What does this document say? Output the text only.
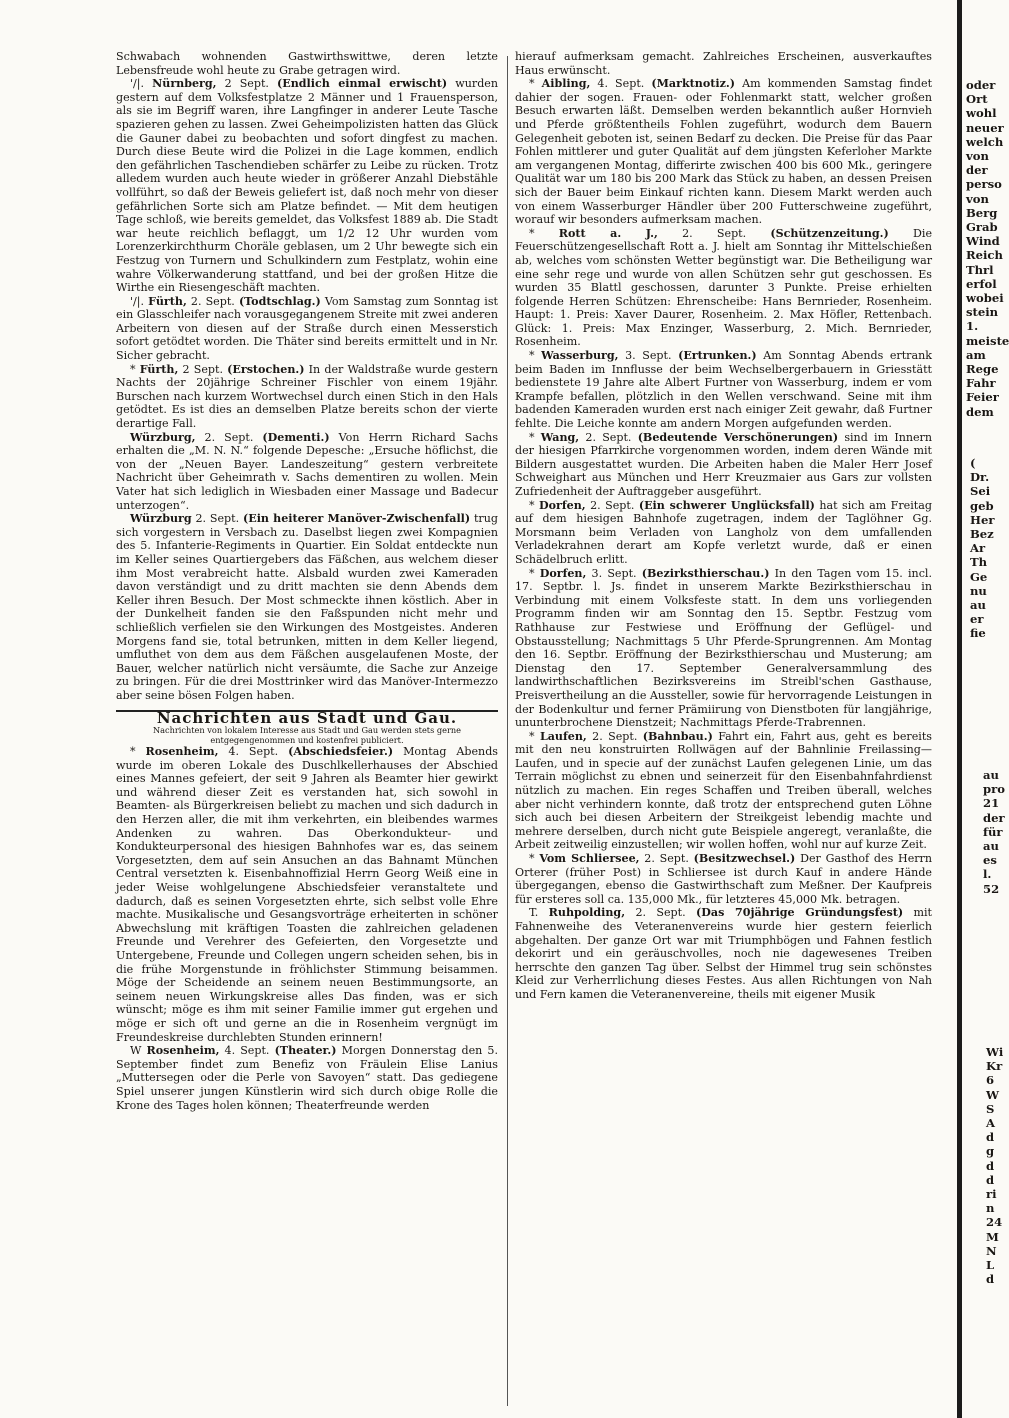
Schwabach wohnenden Gastwirthswittwe, deren letzte Lebensfreude wohl heute zu Grabe getragen wird.

'/|. Nürnberg, 2 Sept. (Endlich einmal erwischt) wurden gestern auf dem Volksfestplatze 2 Männer und 1 Frauensperson, als sie im Begriff waren, ihre Langfinger in anderer Leute Tasche spazieren gehen zu lassen. Zwei Geheimpolizisten hatten das Glück die Gauner dabei zu beobachten und sofort dingfest zu machen. Durch diese Beute wird die Polizei in die Lage kommen, endlich den gefährlichen Taschendieben schärfer zu Leibe zu rücken. Trotz alledem wurden auch heute wieder in größerer Anzahl Diebstähle vollführt, so daß der Beweis geliefert ist, daß noch mehr von dieser gefährlichen Sorte sich am Platze befindet. — Mit dem heutigen Tage schloß, wie bereits gemeldet, das Volksfest 1889 ab. Die Stadt war heute reichlich beflaggt, um 1/2 12 Uhr wurden vom Lorenzerkirchthurm Choräle geblasen, um 2 Uhr bewegte sich ein Festzug von Turnern und Schulkindern zum Festplatz, wohin eine wahre Völkerwanderung stattfand, und bei der großen Hitze die Wirthe ein Riesengeschäft machten.

'/|. Fürth, 2. Sept. (Todtschlag.) Vom Samstag zum Sonntag ist ein Glasschleifer nach vorausgegangenem Streite mit zwei anderen Arbeitern von diesen auf der Straße durch einen Messerstich sofort getödtet worden. Die Thäter sind bereits ermittelt und in Nr. Sicher gebracht.

* Fürth, 2 Sept. (Erstochen.) In der Waldstraße wurde gestern Nachts der 20jährige Schreiner Fischler von einem 19jähr. Burschen nach kurzem Wortwechsel durch einen Stich in den Hals getödtet. Es ist dies an demselben Platze bereits schon der vierte derartige Fall.

Würzburg, 2. Sept. (Dementi.) Von Herrn Richard Sachs erhalten die „M. N. N.“ folgende Depesche: „Ersuche höflichst, die von der „Neuen Bayer. Landeszeitung“ gestern verbreitete Nachricht über Geheimrath v. Sachs dementiren zu wollen. Mein Vater hat sich lediglich in Wiesbaden einer Massage und Badecur unterzogen“.

Würzburg 2. Sept. (Ein heiterer Manöver-Zwischenfall) trug sich vorgestern in Versbach zu. Daselbst liegen zwei Kompagnien des 5. Infanterie-Regiments in Quartier. Ein Soldat entdeckte nun im Keller seines Quartiergebers das Fäßchen, aus welchem dieser ihm Most verabreicht hatte. Alsbald wurden zwei Kameraden davon verständigt und zu dritt machten sie denn Abends dem Keller ihren Besuch. Der Most schmeckte ihnen köstlich. Aber in der Dunkelheit fanden sie den Faßspunden nicht mehr und schließlich verfielen sie den Wirkungen des Mostgeistes. Anderen Morgens fand sie, total betrunken, mitten in dem Keller liegend, umfluthet von dem aus dem Fäßchen ausgelaufenen Moste, der Bauer, welcher natürlich nicht versäumte, die Sache zur Anzeige zu bringen. Für die drei Mosttrinker wird das Manöver-Intermezzo aber seine bösen Folgen haben.

Nachrichten aus Stadt und Gau.

Nachrichten von lokalem Interesse aus Stadt und Gau werden stets gerne entgegengenommen und kostenfrei publiciert.

* Rosenheim, 4. Sept. (Abschiedsfeier.) Montag Abends wurde im oberen Lokale des Duschlkellerhauses der Abschied eines Mannes gefeiert, der seit 9 Jahren als Beamter hier gewirkt und während dieser Zeit es verstanden hat, sich sowohl in Beamten- als Bürgerkreisen beliebt zu machen und sich dadurch in den Herzen aller, die mit ihm verkehrten, ein bleibendes warmes Andenken zu wahren. Das Oberkondukteur- und Kondukteurpersonal des hiesigen Bahnhofes war es, das seinem Vorgesetzten, dem auf sein Ansuchen an das Bahnamt München Central versetzten k. Eisenbahnoffizial Herrn Georg Weiß eine in jeder Weise wohlgelungene Abschiedsfeier veranstaltete und dadurch, daß es seinen Vorgesetzten ehrte, sich selbst volle Ehre machte. Musikalische und Gesangsvorträge erheiterten in schöner Abwechslung mit kräftigen Toasten die zahlreichen geladenen Freunde und Verehrer des Gefeierten, den Vorgesetzte und Untergebene, Freunde und Collegen ungern scheiden sehen, bis in die frühe Morgenstunde in fröhlichster Stimmung beisammen. Möge der Scheidende an seinem neuen Bestimmungsorte, an seinem neuen Wirkungskreise alles Das finden, was er sich wünscht; möge es ihm mit seiner Familie immer gut ergehen und möge er sich oft und gerne an die in Rosenheim vergnügt im Freundeskreise durchlebten Stunden erinnern!

W Rosenheim, 4. Sept. (Theater.) Morgen Donnerstag den 5. September findet zum Benefiz von Fräulein Elise Lanius „Muttersegen oder die Perle von Savoyen“ statt. Das gediegene Spiel unserer jungen Künstlerin wird sich durch obige Rolle die Krone des Tages holen können; Theaterfreunde werden

hierauf aufmerksam gemacht. Zahlreiches Erscheinen, ausverkauftes Haus erwünscht.

* Aibling, 4. Sept. (Marktnotiz.) Am kommenden Samstag findet dahier der sogen. Frauen- oder Fohlenmarkt statt, welcher großen Besuch erwarten läßt. Demselben werden bekanntlich außer Hornvieh und Pferde größtentheils Fohlen zugeführt, wodurch dem Bauern Gelegenheit geboten ist, seinen Bedarf zu decken. Die Preise für das Paar Fohlen mittlerer und guter Qualität auf dem jüngsten Keferloher Markte am vergangenen Montag, differirte zwischen 400 bis 600 Mk., geringere Qualität war um 180 bis 200 Mark das Stück zu haben, an dessen Preisen sich der Bauer beim Einkauf richten kann. Diesem Markt werden auch von einem Wasserburger Händler über 200 Futterschweine zugeführt, worauf wir besonders aufmerksam machen.

* Rott a. J., 2. Sept. (Schützenzeitung.) Die Feuerschützengesellschaft Rott a. J. hielt am Sonntag ihr Mittelschießen ab, welches vom schönsten Wetter begünstigt war. Die Betheiligung war eine sehr rege und wurde von allen Schützen sehr gut geschossen. Es wurden 35 Blattl geschossen, darunter 3 Punkte. Preise erhielten folgende Herren Schützen: Ehrenscheibe: Hans Bernrieder, Rosenheim. Haupt: 1. Preis: Xaver Daurer, Rosenheim. 2. Max Höfler, Rettenbach. Glück: 1. Preis: Max Enzinger, Wasserburg, 2. Mich. Bernrieder, Rosenheim.

* Wasserburg, 3. Sept. (Ertrunken.) Am Sonntag Abends ertrank beim Baden im Innflusse der beim Wechselbergerbauern in Griesstätt bedienstete 19 Jahre alte Albert Furtner von Wasserburg, indem er vom Krampfe befallen, plötzlich in den Wellen verschwand. Seine mit ihm badenden Kameraden wurden erst nach einiger Zeit gewahr, daß Furtner fehlte. Die Leiche konnte am andern Morgen aufgefunden werden.

* Wang, 2. Sept. (Bedeutende Verschönerungen) sind im Innern der hiesigen Pfarrkirche vorgenommen worden, indem deren Wände mit Bildern ausgestattet wurden. Die Arbeiten haben die Maler Herr Josef Schweighart aus München und Herr Kreuzmaier aus Gars zur vollsten Zufriedenheit der Auftraggeber ausgeführt.

* Dorfen, 2. Sept. (Ein schwerer Unglücksfall) hat sich am Freitag auf dem hiesigen Bahnhofe zugetragen, indem der Taglöhner Gg. Morsmann beim Verladen von Langholz von dem umfallenden Verladekrahnen derart am Kopfe verletzt wurde, daß er einen Schädelbruch erlitt.

* Dorfen, 3. Sept. (Bezirksthierschau.) In den Tagen vom 15. incl. 17. Septbr. l. Js. findet in unserem Markte Bezirksthierschau in Verbindung mit einem Volksfeste statt. In dem uns vorliegenden Programm finden wir am Sonntag den 15. Septbr. Festzug vom Rathhause zur Festwiese und Eröffnung der Geflügel- und Obstausstellung; Nachmittags 5 Uhr Pferde-Sprungrennen. Am Montag den 16. Septbr. Eröffnung der Bezirksthierschau und Musterung; am Dienstag den 17. September Generalversammlung des landwirthschaftlichen Bezirksvereins im Streibl'schen Gasthause, Preisvertheilung an die Aussteller, sowie für hervorragende Leistungen in der Bodenkultur und ferner Prämiirung von Dienstboten für langjährige, ununterbrochene Dienstzeit; Nachmittags Pferde-Trabrennen.

* Laufen, 2. Sept. (Bahnbau.) Fahrt ein, Fahrt aus, geht es bereits mit den neu konstruirten Rollwägen auf der Bahnlinie Freilassing—Laufen, und in specie auf der zunächst Laufen gelegenen Linie, um das Terrain möglichst zu ebnen und seinerzeit für den Eisenbahnfahrdienst nützlich zu machen. Ein reges Schaffen und Treiben überall, welches aber nicht verhindern konnte, daß trotz der entsprechend guten Löhne sich auch bei diesen Arbeitern der Streikgeist lebendig machte und mehrere derselben, durch nicht gute Beispiele angeregt, veranlaßte, die Arbeit zeitweilig einzustellen; wir wollen hoffen, wohl nur auf kurze Zeit.

* Vom Schliersee, 2. Sept. (Besitzwechsel.) Der Gasthof des Herrn Orterer (früher Post) in Schliersee ist durch Kauf in andere Hände übergegangen, ebenso die Gastwirthschaft zum Meßner. Der Kaufpreis für ersteres soll ca. 135,000 Mk., für letzteres 45,000 Mk. betragen.

T. Ruhpolding, 2. Sept. (Das 70jährige Gründungsfest) mit Fahnenweihe des Veteranenvereins wurde hier gestern feierlich abgehalten. Der ganze Ort war mit Triumphbögen und Fahnen festlich dekorirt und ein geräuschvolles, noch nie dagewesenes Treiben herrschte den ganzen Tag über. Selbst der Himmel trug sein schönstes Kleid zur Verherrlichung dieses Festes. Aus allen Richtungen von Nah und Fern kamen die Veteranenvereine, theils mit eigener Musik

oder
Ort
wohl
neuer
welch
von
der
perso
von
Berg
Grab
Wind
Reich
Thrl
erfol
wobei
stein
1.
meiste
am
Rege
Fahr
Feier
dem
(
Dr.
Sei
geb
Her
Bez
Ar
Th
Ge
nu
au
er
fie
au
pro
21
der
für
au
es
l.
52
Wi
Kr
6
W
S
A
d
g
d
d
ri
n
24
M
N
L
d
